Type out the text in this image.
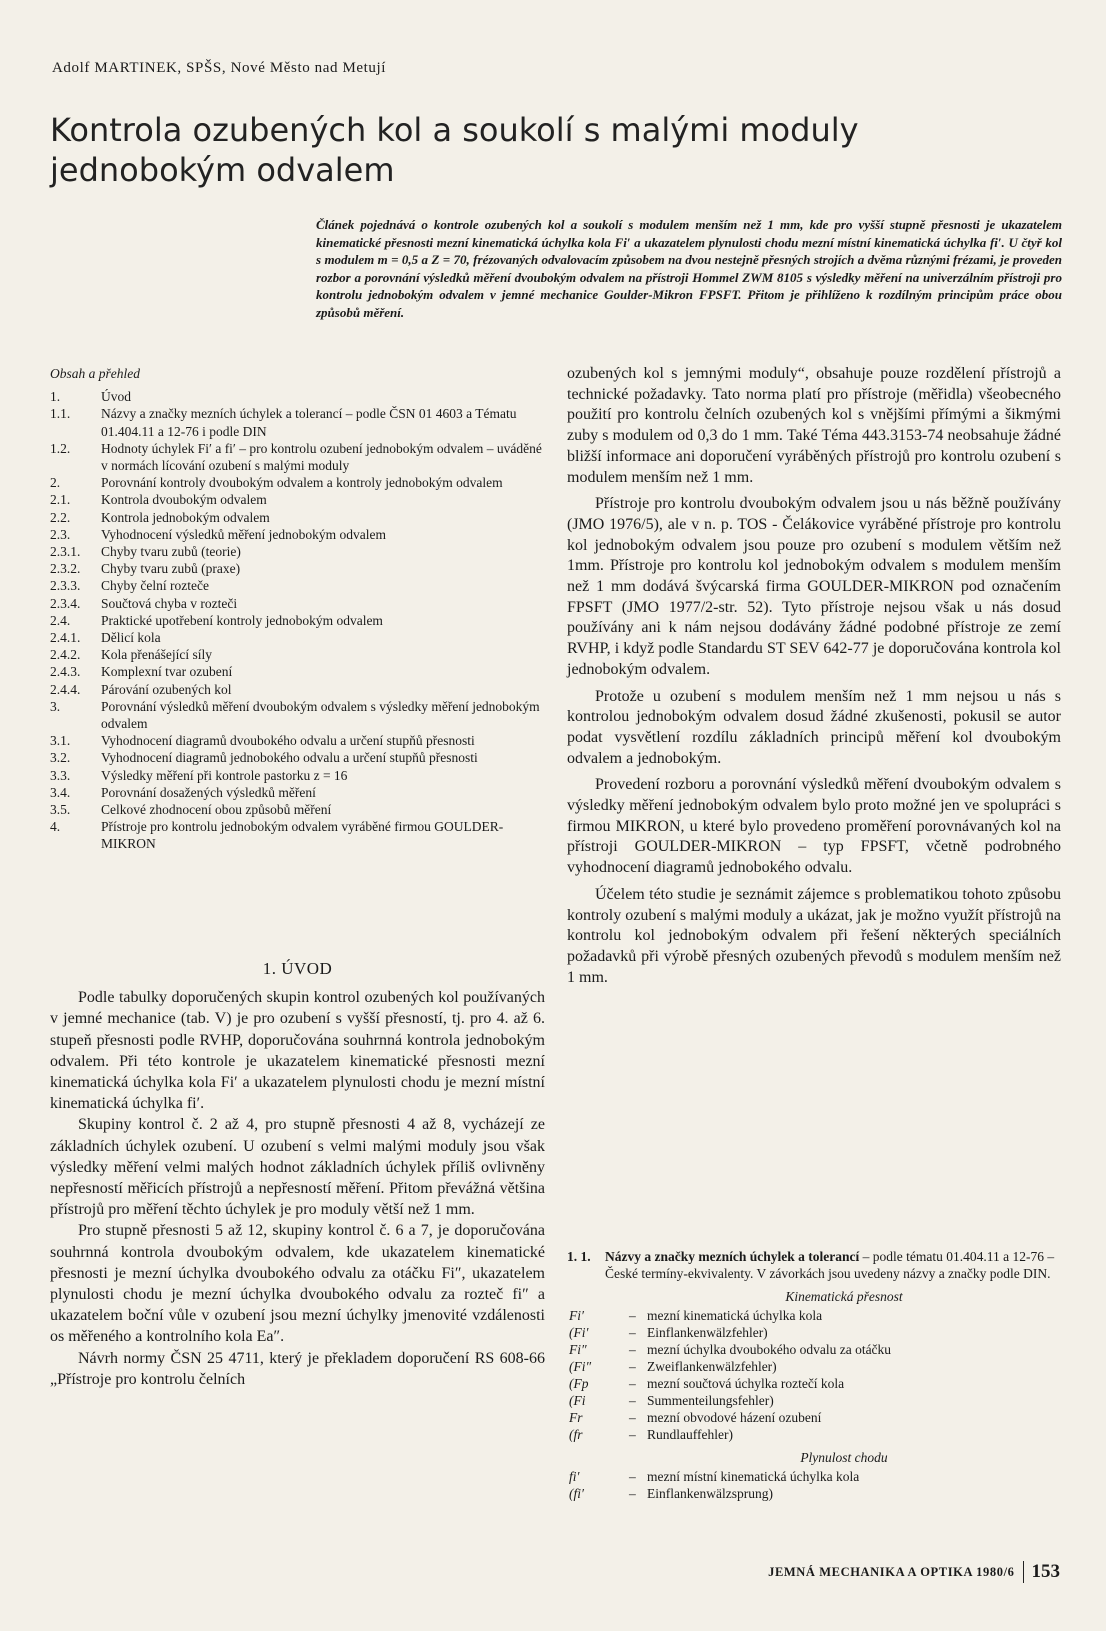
Adolf MARTINEK, SPŠS, Nové Město nad Metují
Kontrola ozubených kol a soukolí s malými moduly jednobokým odvalem
Článek pojednává o kontrole ozubených kol a soukolí s modulem menším než 1 mm, kde pro vyšší stupně přesnosti je ukazatelem kinematické přesnosti mezní kinematická úchylka kola Fi′ a ukazatelem plynulosti chodu mezní místní kinematická úchylka fi′. U čtyř kol s modulem m = 0,5 a Z = 70, frézovaných odvalovacím způsobem na dvou nestejně přesných strojích a dvěma různými frézami, je proveden rozbor a porovnání výsledků měření dvoubokým odvalem na přístroji Hommel ZWM 8105 s výsledky měření na univerzálním přístroji pro kontrolu jednobokým odvalem v jemné mechanice Goulder-Mikron FPSFT. Přitom je přihlíženo k rozdílným principům práce obou způsobů měření.
Obsah a přehled
1.	Úvod
1.1.	Názvy a značky mezních úchylek a tolerancí – podle ČSN 01 4603 a Tématu 01.404.11 a 12-76 i podle DIN
1.2.	Hodnoty úchylek Fi′ a fi′ – pro kontrolu ozubení jednobokým odvalem – uváděné v normách lícování ozubení s malými moduly
2.	Porovnání kontroly dvoubokým odvalem a kontroly jednobokým odvalem
2.1.	Kontrola dvoubokým odvalem
2.2.	Kontrola jednobokým odvalem
2.3.	Vyhodnocení výsledků měření jednobokým odvalem
2.3.1.	Chyby tvaru zubů (teorie)
2.3.2.	Chyby tvaru zubů (praxe)
2.3.3.	Chyby čelní rozteče
2.3.4.	Součtová chyba v rozteči
2.4.	Praktické upotřebení kontroly jednobokým odvalem
2.4.1.	Dělicí kola
2.4.2.	Kola přenášející síly
2.4.3.	Komplexní tvar ozubení
2.4.4.	Párování ozubených kol
3.	Porovnání výsledků měření dvoubokým odvalem s výsledky měření jednobokým odvalem
3.1.	Vyhodnocení diagramů dvoubokého odvalu a určení stupňů přesnosti
3.2.	Vyhodnocení diagramů jednobokého odvalu a určení stupňů přesnosti
3.3.	Výsledky měření při kontrole pastorku z = 16
3.4.	Porovnání dosažených výsledků měření
3.5.	Celkové zhodnocení obou způsobů měření
4.	Přístroje pro kontrolu jednobokým odvalem vyráběné firmou GOULDER-MIKRON
1. ÚVOD

Podle tabulky doporučených skupin kontrol ozubených kol používaných v jemné mechanice (tab. V) je pro ozubení s vyšší přesností, tj. pro 4. až 6. stupeň přesnosti podle RVHP, doporučována souhrnná kontrola jednobokým odvalem. Při této kontrole je ukazatelem kinematické přesnosti mezní kinematická úchylka kola Fi′ a ukazatelem plynulosti chodu je mezní místní kinematická úchylka fi′.

Skupiny kontrol č. 2 až 4, pro stupně přesnosti 4 až 8, vycházejí ze základních úchylek ozubení. U ozubení s velmi malými moduly jsou však výsledky měření velmi malých hodnot základních úchylek příliš ovlivněny nepřesností měřicích přístrojů a nepřesností měření. Přitom převážná většina přístrojů pro měření těchto úchylek je pro moduly větší než 1 mm.

Pro stupně přesnosti 5 až 12, skupiny kontrol č. 6 a 7, je doporučována souhrnná kontrola dvoubokým odvalem, kde ukazatelem kinematické přesnosti je mezní úchylka dvoubokého odvalu za otáčku Fi″, ukazatelem plynulosti chodu je mezní úchylka dvoubokého odvalu za rozteč fi″ a ukazatelem boční vůle v ozubení jsou mezní úchylky jmenovité vzdálenosti os měřeného a kontrolního kola Ea″.

Návrh normy ČSN 25 4711, který je překladem doporučení RS 608-66 „Přístroje pro kontrolu čelních

ozubených kol s jemnými moduly“, obsahuje pouze rozdělení přístrojů a technické požadavky. Tato norma platí pro přístroje (měřidla) všeobecného použití pro kontrolu čelních ozubených kol s vnějšími přímými a šikmými zuby s modulem od 0,3 do 1 mm. Také Téma 443.3153-74 neobsahuje žádné bližší informace ani doporučení vyráběných přístrojů pro kontrolu ozubení s modulem menším než 1 mm.

Přístroje pro kontrolu dvoubokým odvalem jsou u nás běžně používány (JMO 1976/5), ale v n. p. TOS - Čelákovice vyráběné přístroje pro kontrolu kol jednobokým odvalem jsou pouze pro ozubení s modulem větším než 1mm. Přístroje pro kontrolu kol jednobokým odvalem s modulem menším než 1 mm dodává švýcarská firma GOULDER-MIKRON pod označením FPSFT (JMO 1977/2-str. 52). Tyto přístroje nejsou však u nás dosud používány ani k nám nejsou dodávány žádné podobné přístroje ze zemí RVHP, i když podle Standardu ST SEV 642-77 je doporučována kontrola kol jednobokým odvalem.

Protože u ozubení s modulem menším než 1 mm nejsou u nás s kontrolou jednobokým odvalem dosud žádné zkušenosti, pokusil se autor podat vysvětlení rozdílu základních principů měření kol dvoubokým odvalem a jednobokým.

Provedení rozboru a porovnání výsledků měření dvoubokým odvalem s výsledky měření jednobokým odvalem bylo proto možné jen ve spolupráci s firmou MIKRON, u které bylo provedeno proměření porovnávaných kol na přístroji GOULDER-MIKRON – typ FPSFT, včetně podrobného vyhodnocení diagramů jednobokého odvalu.

Účelem této studie je seznámit zájemce s problematikou tohoto způsobu kontroly ozubení s malými moduly a ukázat, jak je možno využít přístrojů na kontrolu kol jednobokým odvalem při řešení některých speciálních požadavků při výrobě přesných ozubených převodů s modulem menším než 1 mm.

1. 1.	Názvy a značky mezních úchylek a tolerancí – podle tématu 01.404.11 a 12-76 – České termíny-ekvivalenty. V závorkách jsou uvedeny názvy a značky podle DIN.
Kinematická přesnost
Fi′	– mezní kinematická úchylka kola
(Fi′	– Einflankenwälzfehler)
Fi″	– mezní úchylka dvoubokého odvalu za otáčku
(Fi″	– Zweiflankenwälzfehler)
(Fp	– mezní součtová úchylka roztečí kola
(Fi	– Summenteilungsfehler)
Fr	– mezní obvodové házení ozubení
(fr	– Rundlauffehler)
Plynulost chodu
fi′	– mezní místní kinematická úchylka kola
(fi′	– Einflankenwälzsprung)
JEMNÁ MECHANIKA A OPTIKA 1980/6 153
